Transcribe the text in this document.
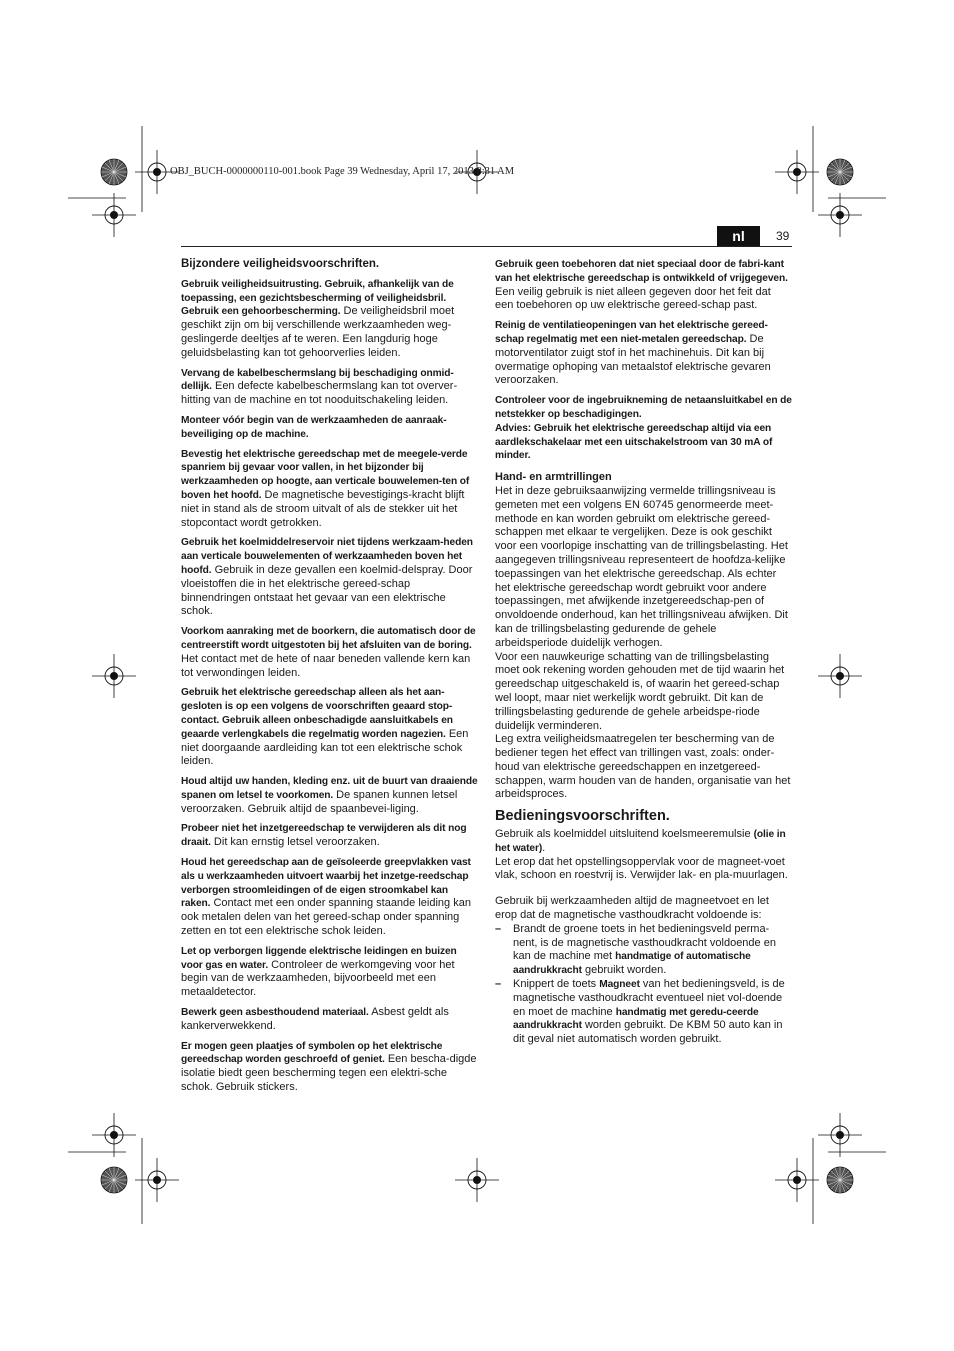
OBJ_BUCH-0000000110-001.book Page 39 Wednesday, April 17, 2013 8:31 AM
nl	39
Bijzondere veiligheidsvoorschriften.

Gebruik veiligheidsuitrusting. Gebruik, afhankelijk van de toepassing, een gezichtsbescherming of veiligheidsbril. Gebruik een gehoorbescherming. De veiligheidsbril moet geschikt zijn om bij verschillende werkzaamheden weg-geslingerde deeltjes af te weren. Een langdurig hoge geluidsbelasting kan tot gehoorverlies leiden.

Vervang de kabelbeschermslang bij beschadiging onmid-dellijk. Een defecte kabelbeschermslang kan tot overver-hitting van de machine en tot nooduitschakeling leiden.

Monteer vóór begin van de werkzaamheden de aanraak-beveiliging op de machine.

Bevestig het elektrische gereedschap met de meegele-verde spanriem bij gevaar voor vallen, in het bijzonder bij werkzaamheden op hoogte, aan verticale bouwelemen-ten of boven het hoofd. De magnetische bevestigings-kracht blijft niet in stand als de stroom uitvalt of als de stekker uit het stopcontact wordt getrokken.

Gebruik het koelmiddelreservoir niet tijdens werkzaam-heden aan verticale bouwelementen of werkzaamheden boven het hoofd. Gebruik in deze gevallen een koelmid-delspray. Door vloeistoffen die in het elektrische gereed-schap binnendringen ontstaat het gevaar van een elektrische schok.

Voorkom aanraking met de boorkern, die automatisch door de centreerstift wordt uitgestoten bij het afsluiten van de boring. Het contact met de hete of naar beneden vallende kern kan tot verwondingen leiden.

Gebruik het elektrische gereedschap alleen als het aan-gesloten is op een volgens de voorschriften geaard stop-contact. Gebruik alleen onbeschadigde aansluitkabels en geaarde verlengkabels die regelmatig worden nagezien. Een niet doorgaande aardleiding kan tot een elektrische schok leiden.

Houd altijd uw handen, kleding enz. uit de buurt van draaiende spanen om letsel te voorkomen. De spanen kunnen letsel veroorzaken. Gebruik altijd de spaanbevei-liging.

Probeer niet het inzetgereedschap te verwijderen als dit nog draait. Dit kan ernstig letsel veroorzaken.

Houd het gereedschap aan de geïsoleerde greepvlakken vast als u werkzaamheden uitvoert waarbij het inzetge-reedschap verborgen stroomleidingen of de eigen stroomkabel kan raken. Contact met een onder spanning staande leiding kan ook metalen delen van het gereed-schap onder spanning zetten en tot een elektrische schok leiden.

Let op verborgen liggende elektrische leidingen en buizen voor gas en water. Controleer de werkomgeving voor het begin van de werkzaamheden, bijvoorbeeld met een metaaldetector.

Bewerk geen asbesthoudend materiaal. Asbest geldt als kankerverwekkend.

Er mogen geen plaatjes of symbolen op het elektrische gereedschap worden geschroefd of geniet. Een bescha-digde isolatie biedt geen bescherming tegen een elektri-sche schok. Gebruik stickers.

Gebruik geen toebehoren dat niet speciaal door de fabri-kant van het elektrische gereedschap is ontwikkeld of vrijgegeven. Een veilig gebruik is niet alleen gegeven door het feit dat een toebehoren op uw elektrische gereed-schap past.

Reinig de ventilatieopeningen van het elektrische gereed-schap regelmatig met een niet-metalen gereedschap. De motorventilator zuigt stof in het machinehuis. Dit kan bij overmatige ophoping van metaalstof elektrische gevaren veroorzaken.

Controleer voor de ingebruikneming de netaansluitkabel en de netstekker op beschadigingen.

Advies: Gebruik het elektrische gereedschap altijd via een aardlekschakelaar met een uitschakelstroom van 30 mA of minder.

Hand- en armtrillingen

Het in deze gebruiksaanwijzing vermelde trillingsniveau is gemeten met een volgens EN 60745 genormeerde meet-methode en kan worden gebruikt om elektrische gereed-schappen met elkaar te vergelijken. Deze is ook geschikt voor een voorlopige inschatting van de trillingsbelasting. Het aangegeven trillingsniveau representeert de hoofdza-kelijke toepassingen van het elektrische gereedschap. Als echter het elektrische gereedschap wordt gebruikt voor andere toepassingen, met afwijkende inzetgereedschap-pen of onvoldoende onderhoud, kan het trillingsniveau afwijken. Dit kan de trillingsbelasting gedurende de gehele arbeidsperiode duidelijk verhogen.

Voor een nauwkeurige schatting van de trillingsbelasting moet ook rekening worden gehouden met de tijd waarin het gereedschap uitgeschakeld is, of waarin het gereed-schap wel loopt, maar niet werkelijk wordt gebruikt. Dit kan de trillingsbelasting gedurende de gehele arbeidspe-riode duidelijk verminderen.

Leg extra veiligheidsmaatregelen ter bescherming van de bediener tegen het effect van trillingen vast, zoals: onder-houd van elektrische gereedschappen en inzetgereed-schappen, warm houden van de handen, organisatie van het arbeidsproces.

Bedieningsvoorschriften.

Gebruik als koelmiddel uitsluitend koelsmeeremulsie (olie in het water).

Let erop dat het opstellingsoppervlak voor de magneet-voet vlak, schoon en roestvrij is. Verwijder lak- en pla-muurlagen.

Gebruik bij werkzaamheden altijd de magneetvoet en let erop dat de magnetische vasthoudkracht voldoende is:

– Brandt de groene toets in het bedieningsveld perma-nent, is de magnetische vasthoudkracht voldoende en kan de machine met handmatige of automatische aandrukkracht gebruikt worden.
– Knippert de toets Magneet van het bedieningsveld, is de magnetische vasthoudkracht eventueel niet vol-doende en moet de machine handmatig met geredu-ceerde aandrukkracht worden gebruikt. De KBM 50 auto kan in dit geval niet automatisch worden gebruikt.
